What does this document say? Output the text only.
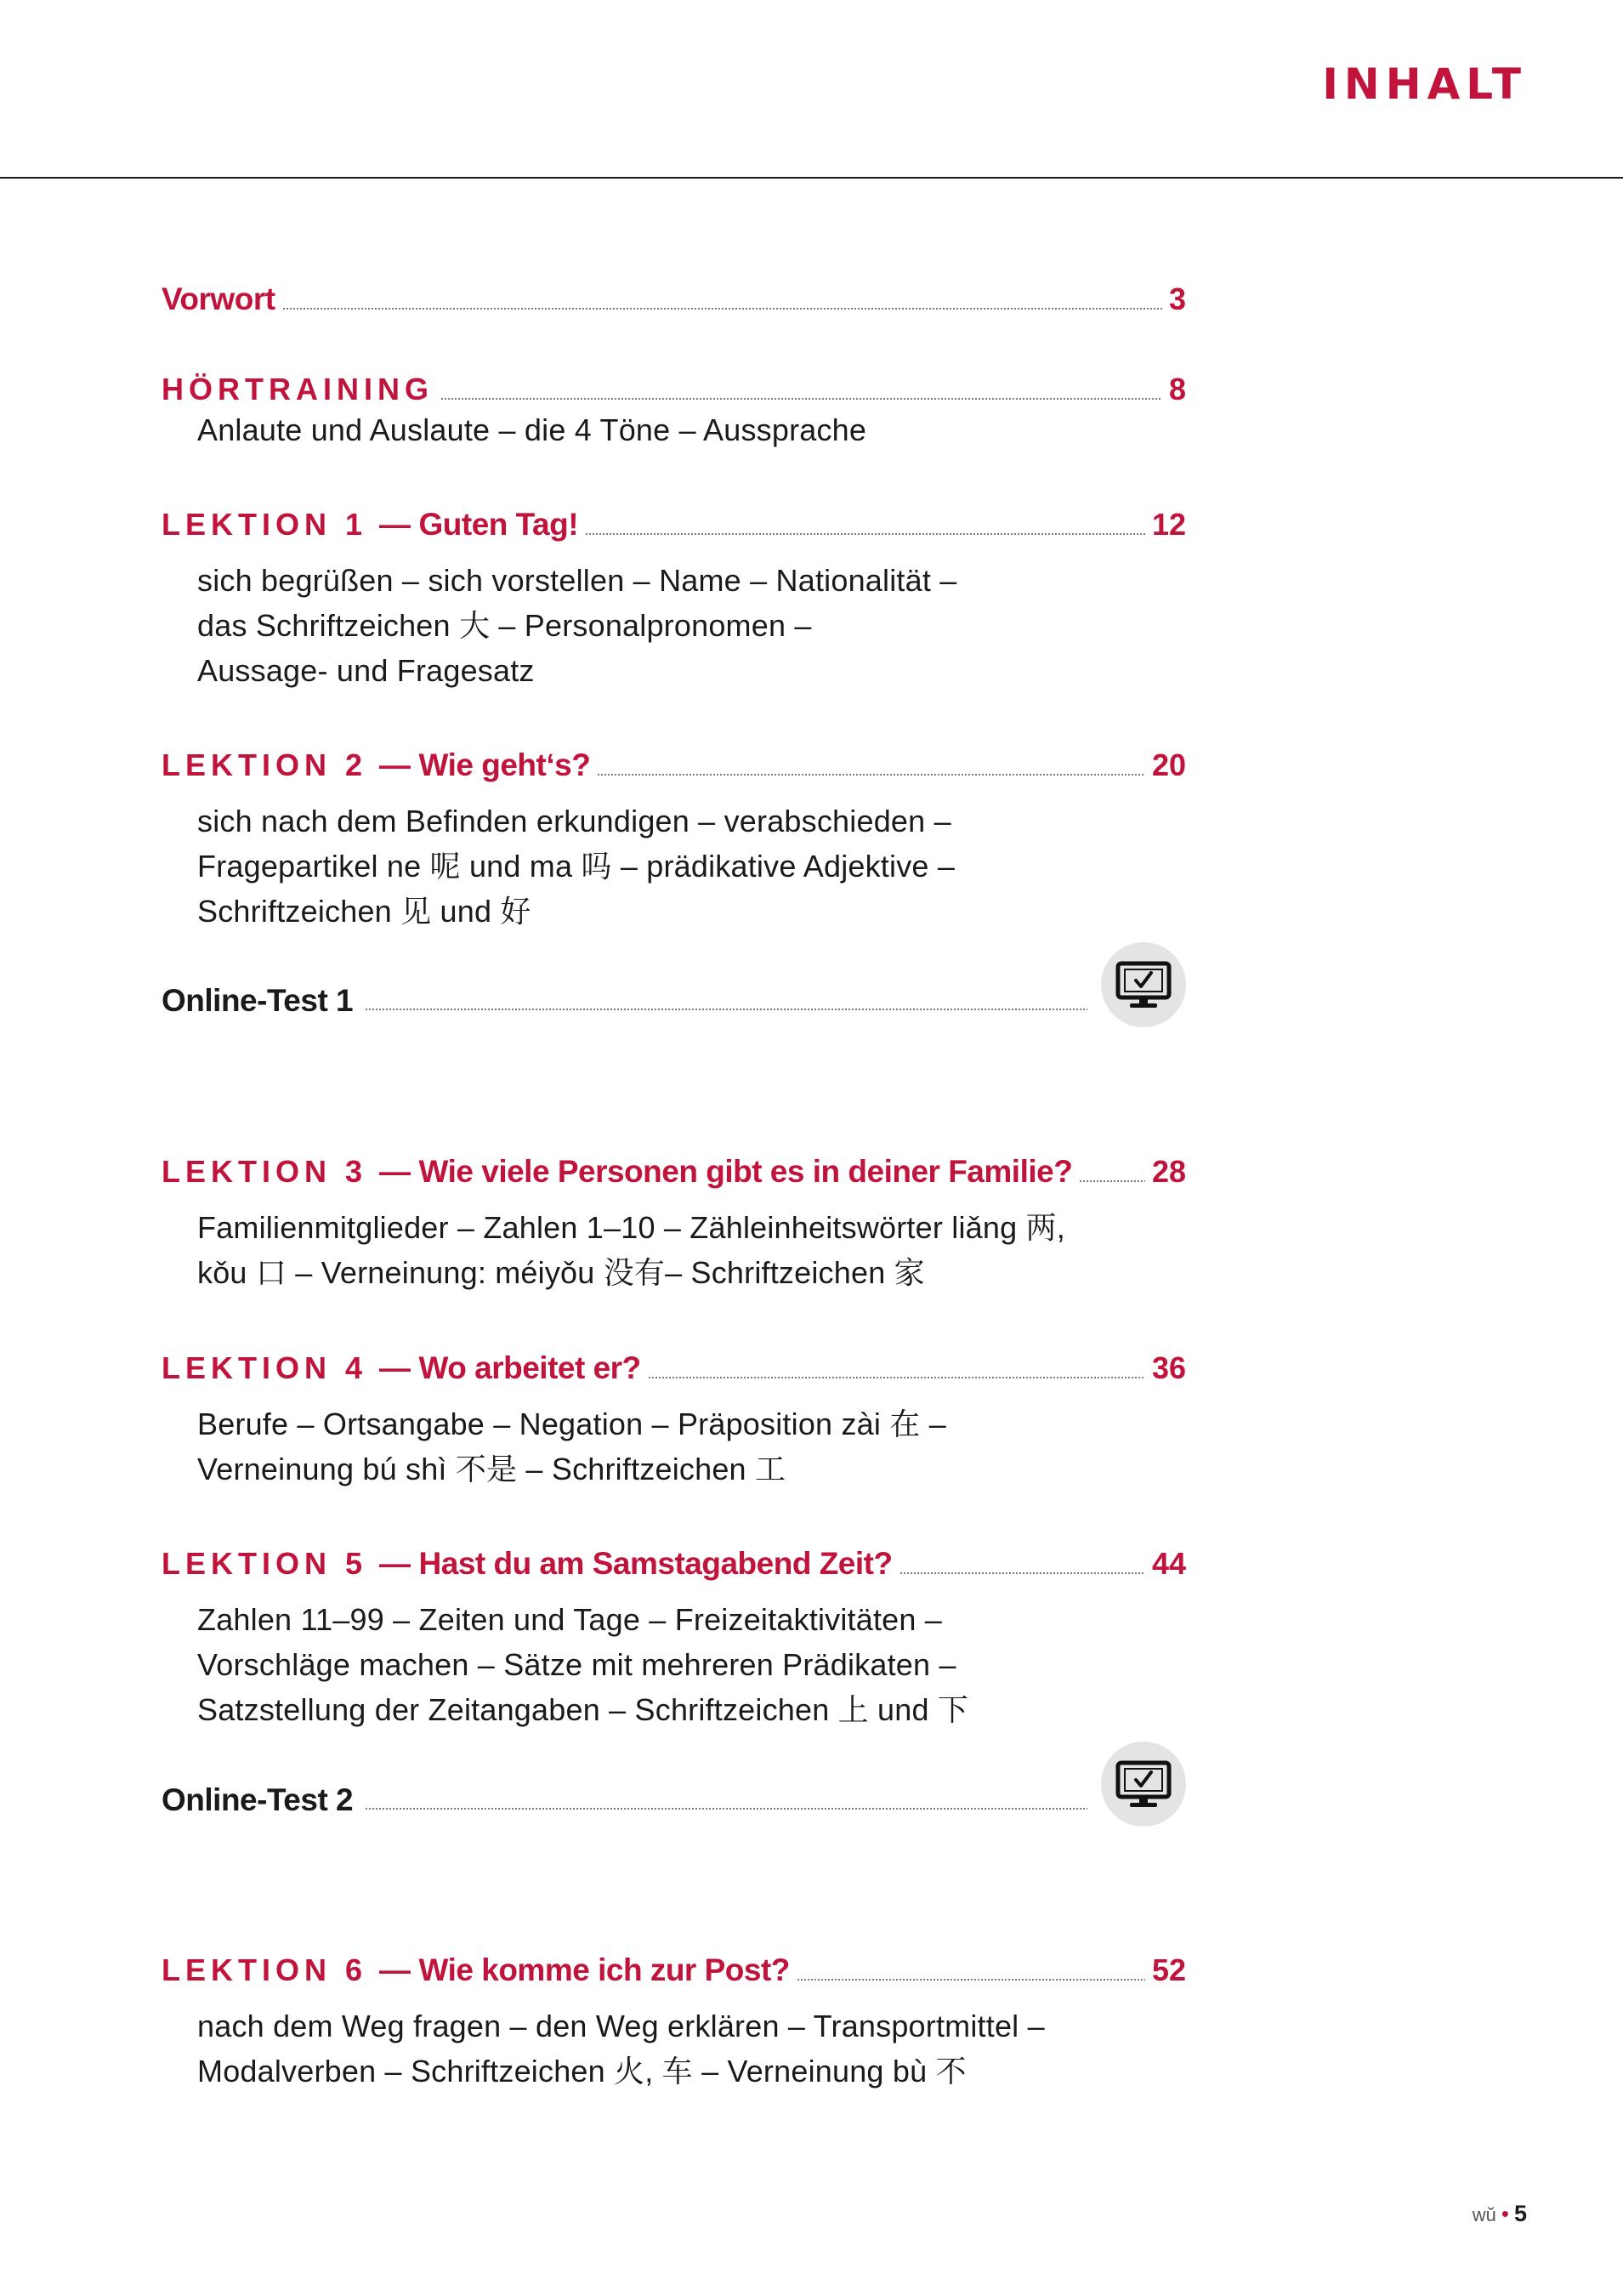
INHALT
Vorwort	3
HÖRTRAINING	8
Anlaute und Auslaute – die 4 Töne – Aussprache
LEKTION 1 — Guten Tag!	12
sich begrüßen – sich vorstellen – Name – Nationalität –
das Schriftzeichen 大 – Personalpronomen –
Aussage- und Fragesatz
LEKTION 2 — Wie geht‘s?	20
sich nach dem Befinden erkundigen – verabschieden –
Fragepartikel ne 呢 und ma 吗 – prädikative Adjektive –
Schriftzeichen 见 und 好
Online-Test 1
LEKTION 3 — Wie viele Personen gibt es in deiner Familie?	28
Familienmitglieder – Zahlen 1–10 – Zähleinheitswörter liǎng 两,
kǒu 口 – Verneinung: méiyǒu 没有– Schriftzeichen 家
LEKTION 4 — Wo arbeitet er?	36
Berufe – Ortsangabe – Negation – Präposition zài 在 –
Verneinung bú shì 不是 – Schriftzeichen 工
LEKTION 5 — Hast du am Samstagabend Zeit?	44
Zahlen 11–99 – Zeiten und Tage – Freizeitaktivitäten –
Vorschläge machen – Sätze mit mehreren Prädikaten –
Satzstellung der Zeitangaben – Schriftzeichen 上 und 下
Online-Test 2
LEKTION 6 — Wie komme ich zur Post?	52
nach dem Weg fragen – den Weg erklären – Transportmittel –
Modalverben – Schriftzeichen 火, 车 – Verneinung bù 不
wŭ • 5
